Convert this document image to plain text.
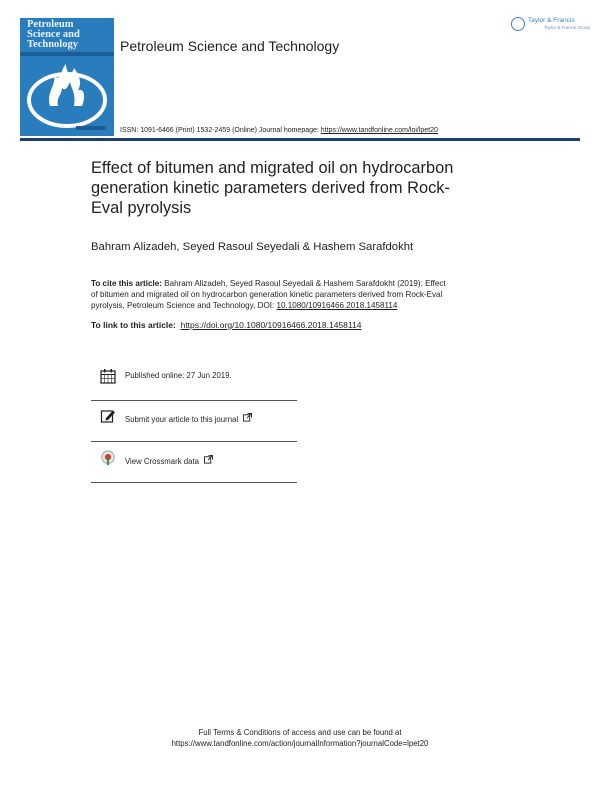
Petroleum
Science and
Technology	Petroleum Science and Technology
Taylor & Francis
Taylor & Francis Group
ISSN: 1091-6466 (Print) 1532-2459 (Online) Journal homepage: https://www.tandfonline.com/loi/lpet20
Effect of bitumen and migrated oil on hydrocarbon
generation kinetic parameters derived from Rock-
Eval pyrolysis
Bahram Alizadeh, Seyed Rasoul Seyedali & Hashem Sarafdokht
To cite this article: Bahram Alizadeh, Seyed Rasoul Seyedali & Hashem Sarafdokht (2019): Effect
of bitumen and migrated oil on hydrocarbon generation kinetic parameters derived from Rock-Eval
pyrolysis, Petroleum Science and Technology, DOI: 10.1080/10916466.2018.1458114
To link to this article: https://doi.org/10.1080/10916466.2018.1458114
Published online: 27 Jun 2019.
Submit your article to this journal
View Crossmark data
Full Terms & Conditions of access and use can be found at
https://www.tandfonline.com/action/journalInformation?journalCode=lpet20
